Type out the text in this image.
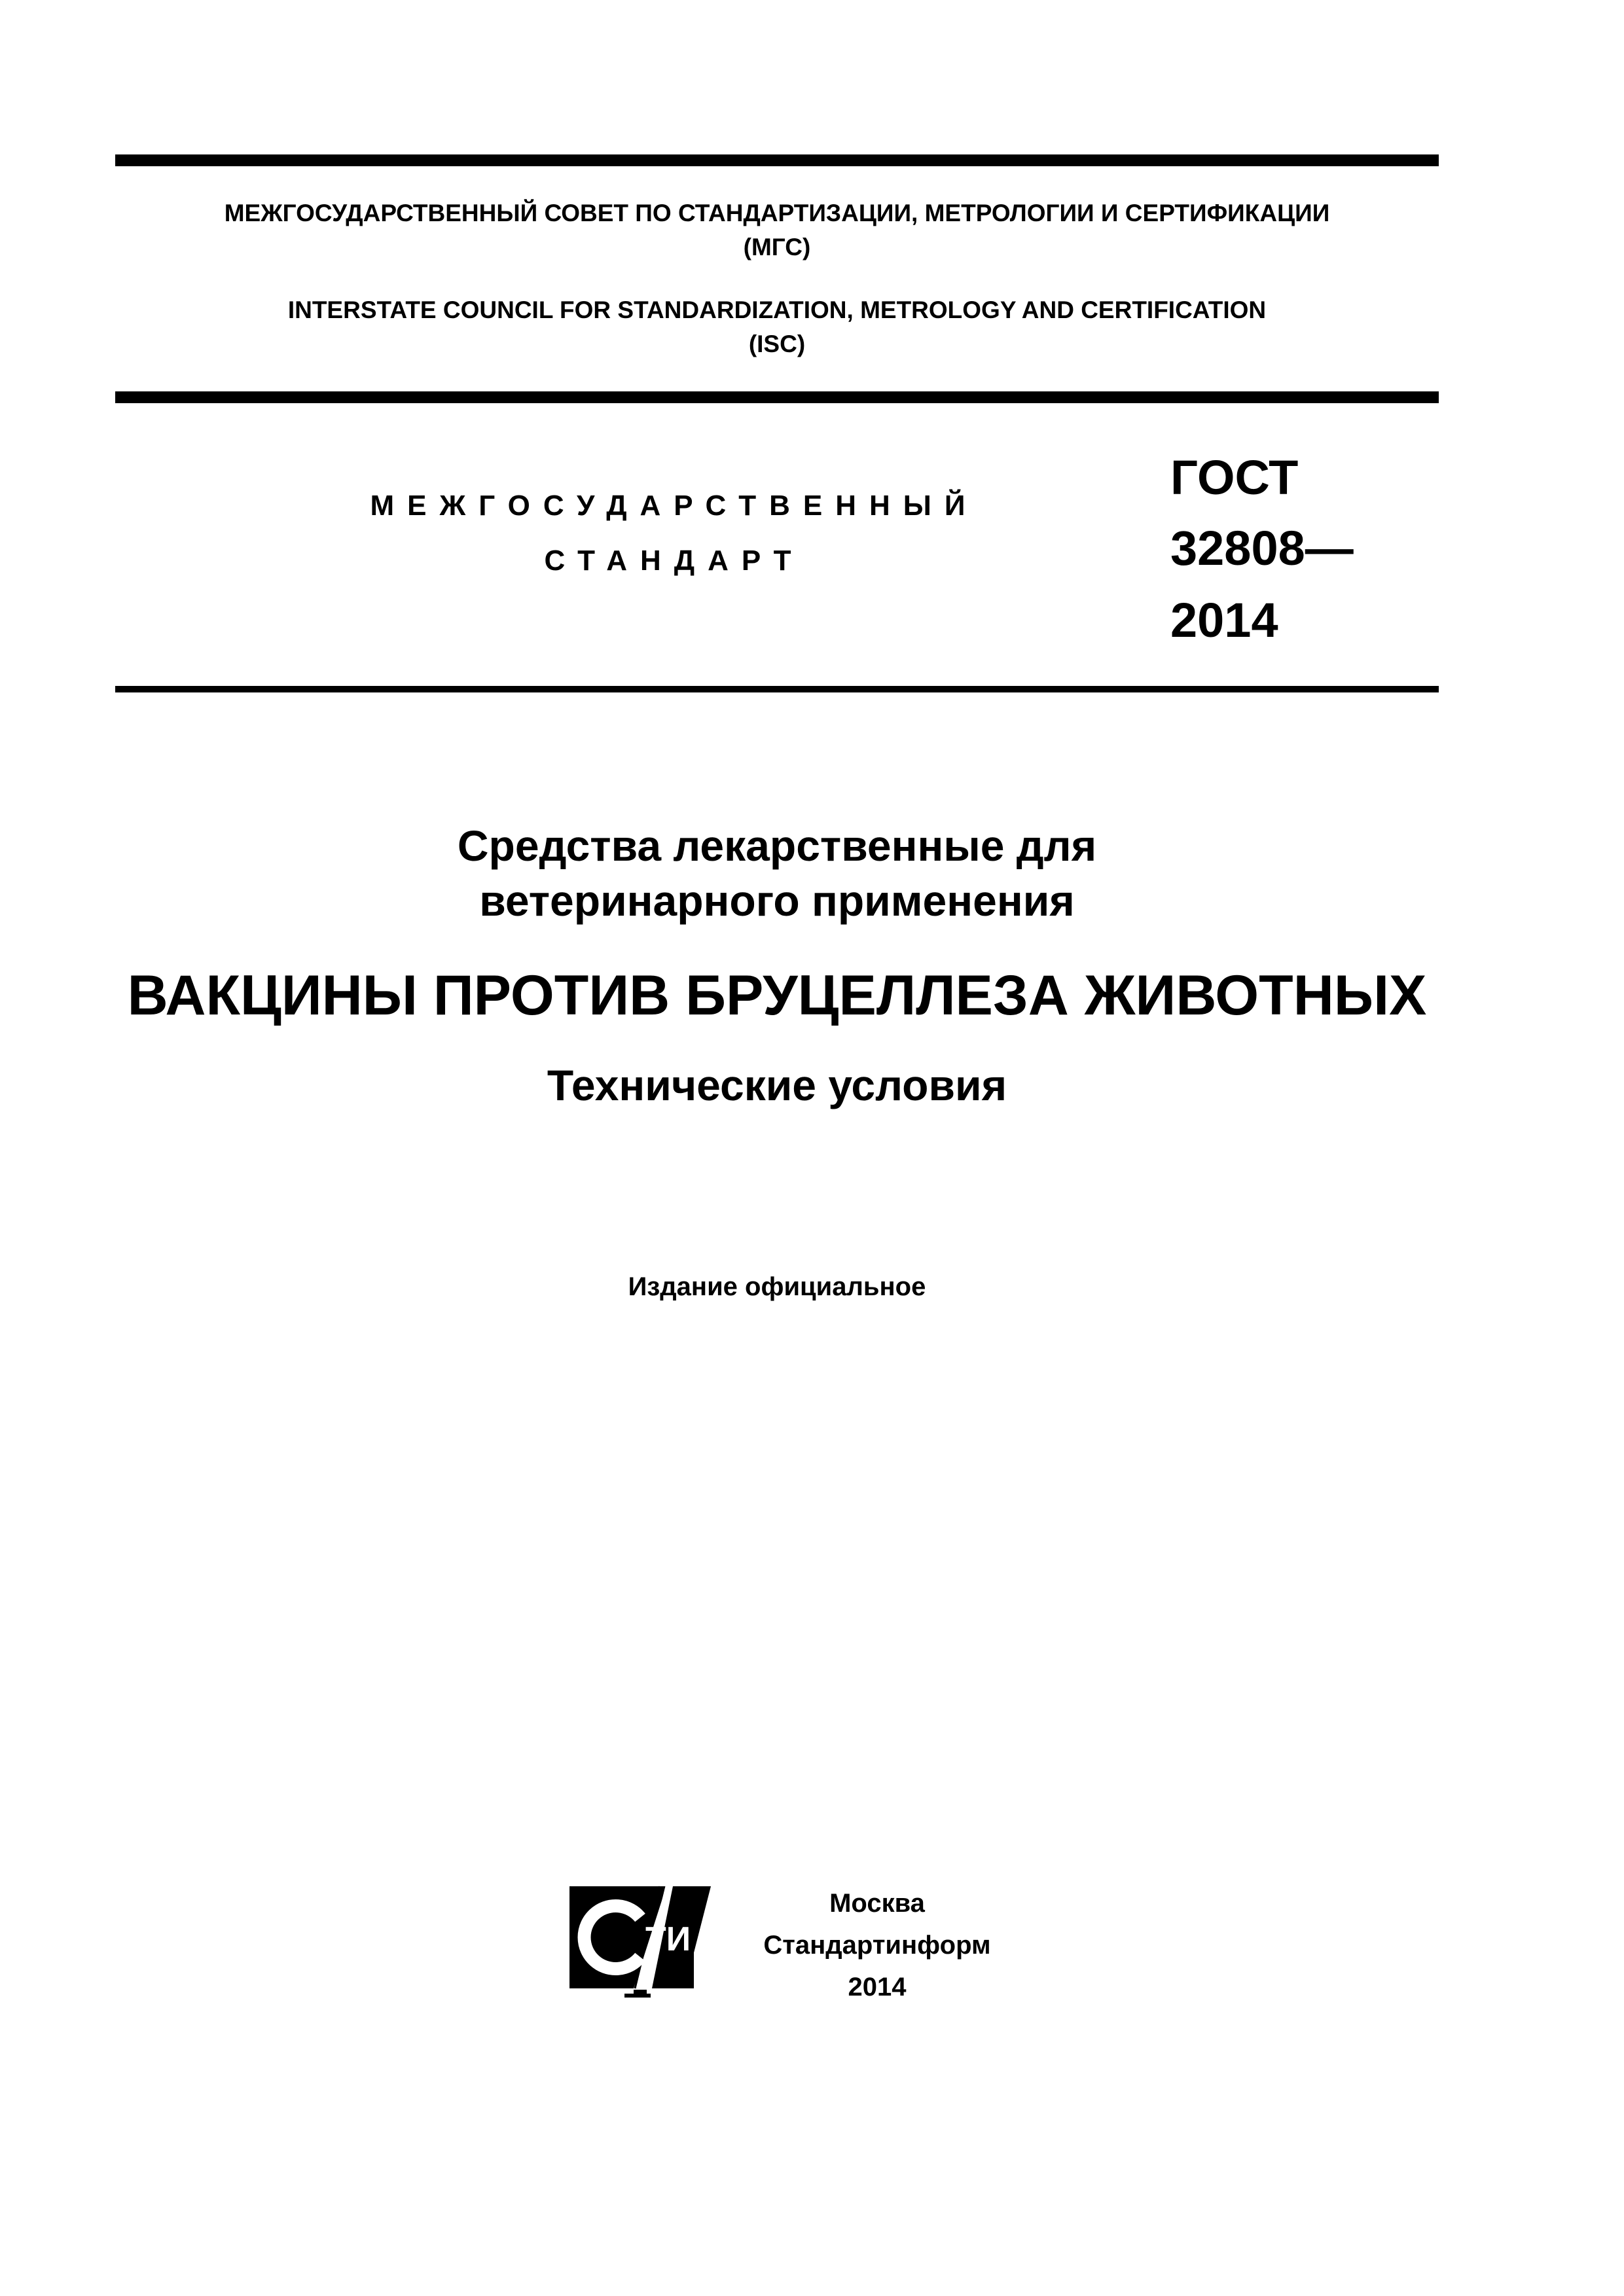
МЕЖГОСУДАРСТВЕННЫЙ СОВЕТ ПО СТАНДАРТИЗАЦИИ, МЕТРОЛОГИИ И СЕРТИФИКАЦИИ
(МГС)
INTERSTATE COUNCIL FOR STANDARDIZATION, METROLOGY AND CERTIFICATION
(ISC)
МЕЖГОСУДАРСТВЕННЫЙ
СТАНДАРТ
ГОСТ
32808—
2014
Средства лекарственные для
ветеринарного применения
ВАКЦИНЫ ПРОТИВ БРУЦЕЛЛЕЗА ЖИВОТНЫХ
Технические условия
Издание официальное
ТИ
Москва
Стандартинформ
2014
